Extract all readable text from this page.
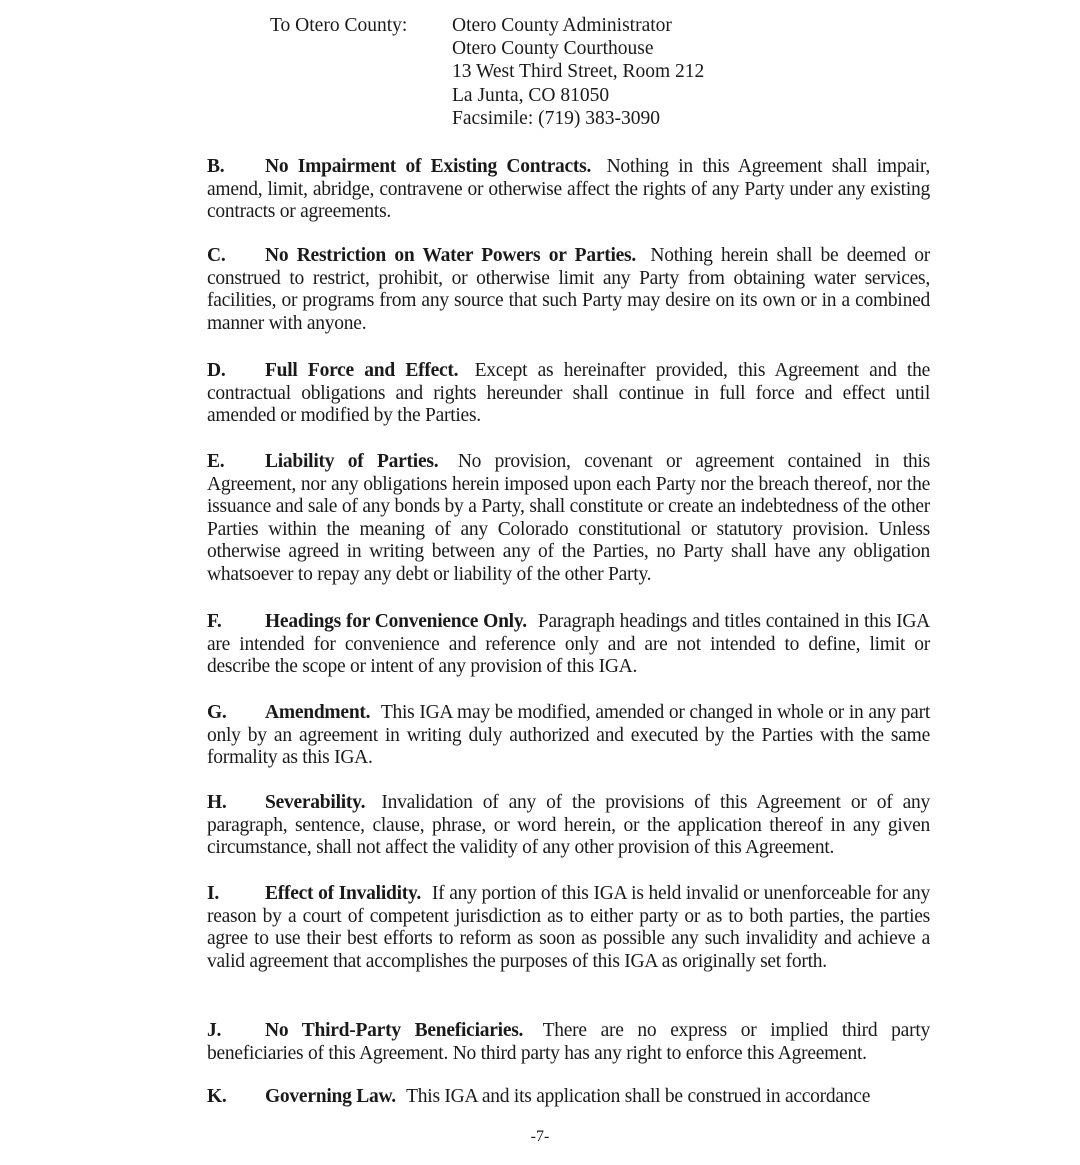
To Otero County:	Otero County Administrator
Otero County Courthouse
13 West Third Street, Room 212
La Junta, CO 81050
Facsimile: (719) 383-3090
B. No Impairment of Existing Contracts. Nothing in this Agreement shall impair, amend, limit, abridge, contravene or otherwise affect the rights of any Party under any existing contracts or agreements.
C. No Restriction on Water Powers or Parties. Nothing herein shall be deemed or construed to restrict, prohibit, or otherwise limit any Party from obtaining water services, facilities, or programs from any source that such Party may desire on its own or in a combined manner with anyone.
D. Full Force and Effect. Except as hereinafter provided, this Agreement and the contractual obligations and rights hereunder shall continue in full force and effect until amended or modified by the Parties.
E. Liability of Parties. No provision, covenant or agreement contained in this Agreement, nor any obligations herein imposed upon each Party nor the breach thereof, nor the issuance and sale of any bonds by a Party, shall constitute or create an indebtedness of the other Parties within the meaning of any Colorado constitutional or statutory provision. Unless otherwise agreed in writing between any of the Parties, no Party shall have any obligation whatsoever to repay any debt or liability of the other Party.
F. Headings for Convenience Only. Paragraph headings and titles contained in this IGA are intended for convenience and reference only and are not intended to define, limit or describe the scope or intent of any provision of this IGA.
G. Amendment. This IGA may be modified, amended or changed in whole or in any part only by an agreement in writing duly authorized and executed by the Parties with the same formality as this IGA.
H. Severability. Invalidation of any of the provisions of this Agreement or of any paragraph, sentence, clause, phrase, or word herein, or the application thereof in any given circumstance, shall not affect the validity of any other provision of this Agreement.
I. Effect of Invalidity. If any portion of this IGA is held invalid or unenforceable for any reason by a court of competent jurisdiction as to either party or as to both parties, the parties agree to use their best efforts to reform as soon as possible any such invalidity and achieve a valid agreement that accomplishes the purposes of this IGA as originally set forth.
J. No Third-Party Beneficiaries. There are no express or implied third party beneficiaries of this Agreement. No third party has any right to enforce this Agreement.
K. Governing Law. This IGA and its application shall be construed in accordance
-7-
